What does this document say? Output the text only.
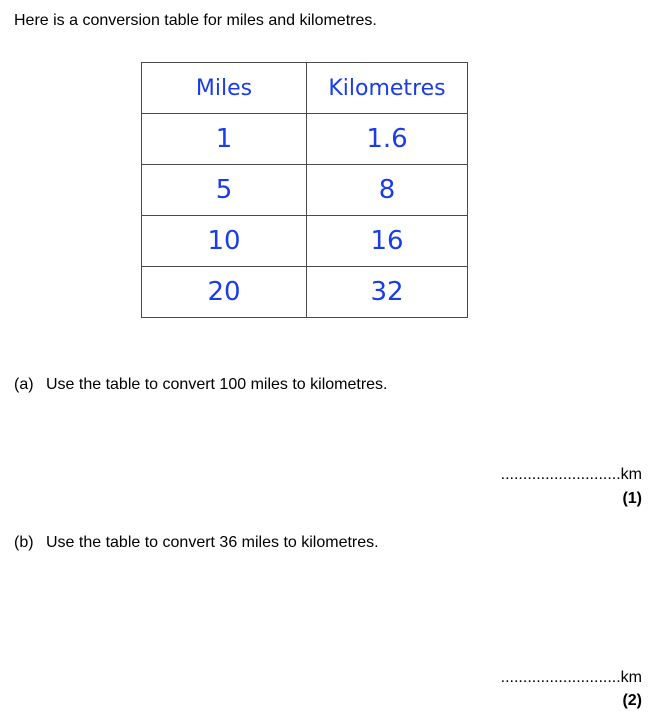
Here is a conversion table for miles and kilometres.

Miles	Kilometres
1	1.6
5	8
10	16
20	32

(a) Use the table to convert 100 miles to kilometres.

...........................km
(1)

(b) Use the table to convert 36 miles to kilometres.

...........................km
(2)
